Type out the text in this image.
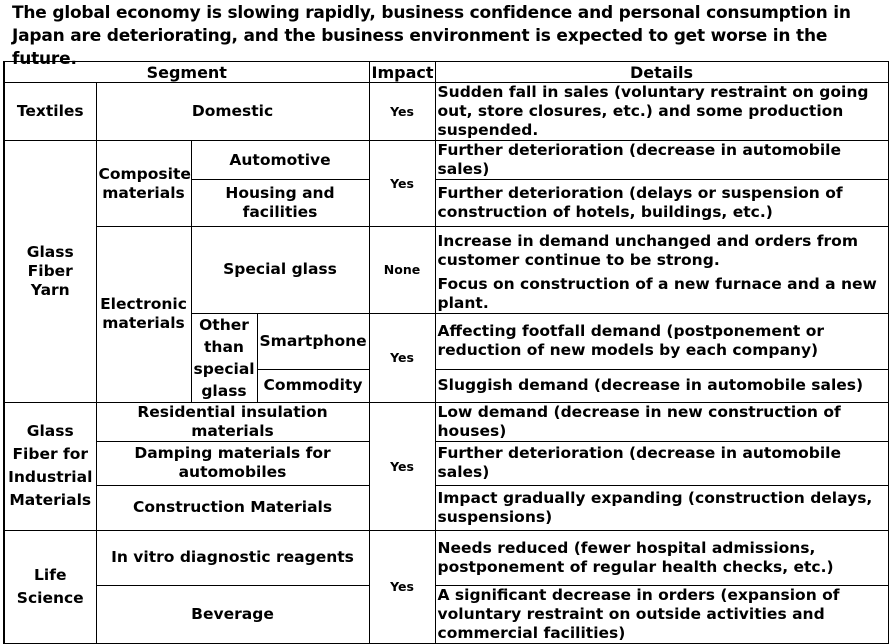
The global economy is slowing rapidly, business confidence and personal consumption in Japan are deteriorating, and the business environment is expected to get worse in the future.
Segment				Impact	Details
Textiles	Domestic			Yes	Sudden fall in sales (voluntary restraint on going out, store closures, etc.) and some production suspended.
Glass Fiber Yarn	Composite materials	Automotive		Yes	Further deterioration (decrease in automobile sales)
		Housing and facilities			Further deterioration (delays or suspension of construction of hotels, buildings, etc.)
	Electronic materials	Special glass		None	Increase in demand unchanged and orders from customer continue to be strong.
					Focus on construction of a new furnace and a new plant.
		Other than special glass	Smartphone	Yes	Affecting footfall demand (postponement or reduction of new models by each company)

			Commodity		Sluggish demand (decrease in automobile sales)
Glass Fiber for Industrial Materials	Residential insulation materials			Yes	Low demand (decrease in new construction of houses)
	Damping materials for automobiles				Further deterioration (decrease in automobile sales)
	Construction Materials				Impact gradually expanding (construction delays, suspensions)
Life Science	In vitro diagnostic reagents			Yes	Needs reduced (fewer hospital admissions, postponement of regular health checks, etc.)
	Beverage				A significant decrease in orders (expansion of voluntary restraint on outside activities and commercial facilities)
